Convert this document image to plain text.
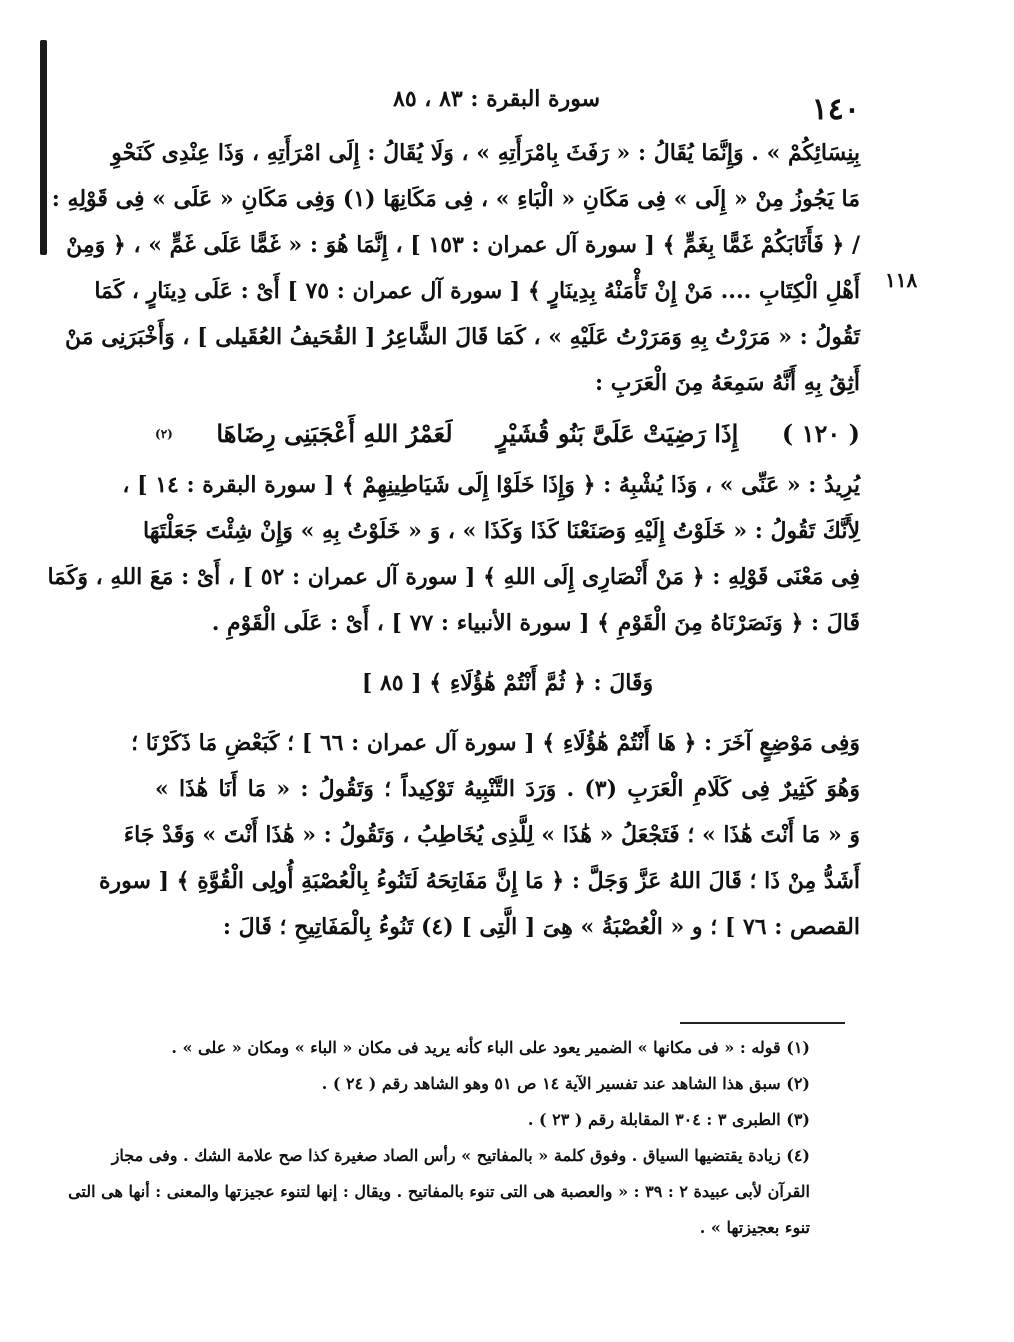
١٤٠
سورة البقرة : ٨٣ ، ٨٥
١١٨
بِنِسَائِكُمْ » . وَإِنَّمَا يُقَالُ : « رَفَثَ بِامْرَأَتِهِ » ، وَلَا يُقَالُ : إِلَى امْرَأَتِهِ ، وَذَا عِنْدِى كَنَحْوِ
مَا يَجُوزُ مِنْ « إِلَى » فِى مَكَانِ « الْبَاءِ » ، فِى مَكَانِهَا (١) وَفِى مَكَانِ « عَلَى » فِى قَوْلِهِ :
/ ﴿ فَأَثَابَكُمْ غَمًّا بِغَمٍّ ﴾ [ سورة آل عمران : ١٥٣ ] ، إِنَّمَا هُوَ : « غَمًّا عَلَى غَمٍّ » ، ﴿ وَمِنْ
أَهْلِ الْكِتَابِ .... مَنْ إِنْ تَأْمَنْهُ بِدِينَارٍ ﴾ [ سورة آل عمران : ٧٥ ] أَىْ : عَلَى دِينَارٍ ، كَمَا
تَقُولُ : « مَرَرْتُ بِهِ وَمَرَرْتُ عَلَيْهِ » ، كَمَا قَالَ الشَّاعِرُ [ القُحَيفُ العُقَيلى ] ، وَأَخْبَرَنِى مَنْ
أَثِقُ بِهِ أَنَّهُ سَمِعَهُ مِنَ الْعَرَبِ :
( ١٢٠ )
إِذَا رَضِيَتْ عَلَىَّ بَنُو قُشَيْرٍ
لَعَمْرُ اللهِ أَعْجَبَنِى رِضَاهَا
(٢)
يُرِيدُ : « عَنِّى » ، وَذَا يُشْبِهُ : ﴿ وَإِذَا خَلَوْا إِلَى شَيَاطِينِهِمْ ﴾ [ سورة البقرة : ١٤ ] ،
لِأَنَّكَ تَقُولُ : « خَلَوْتُ إِلَيْهِ وَصَنَعْنَا كَذَا وَكَذَا » ، وَ « خَلَوْتُ بِهِ » وَإِنْ شِئْتَ جَعَلْتَهَا
فِى مَعْنَى قَوْلِهِ : ﴿ مَنْ أَنْصَارِى إِلَى اللهِ ﴾ [ سورة آل عمران : ٥٢ ] ، أَىْ : مَعَ اللهِ ، وَكَمَا
قَالَ : ﴿ وَنَصَرْنَاهُ مِنَ الْقَوْمِ ﴾ [ سورة الأنبياء : ٧٧ ] ، أَىْ : عَلَى الْقَوْمِ .
وَقَالَ : ﴿ ثُمَّ أَنْتُمْ هَٰؤُلَاءِ ﴾ [ ٨٥ ]
وَفِى مَوْضِعٍ آخَرَ : ﴿ هَا أَنْتُمْ هَٰؤُلَاءِ ﴾ [ سورة آل عمران : ٦٦ ] ؛ كَبَعْضِ مَا ذَكَرْنَا ؛
وَهُوَ كَثِيرٌ فِى كَلَامِ الْعَرَبِ (٣) . وَرَدَ التَّنْبِيهُ تَوْكِيداً ؛ وَتَقُولُ : « مَا أَنَا هَٰذَا »
وَ « مَا أَنْتَ هَٰذَا » ؛ فَتَجْعَلُ « هَٰذَا » لِلَّذِى يُخَاطِبُ ، وَتَقُولُ : « هَٰذَا أَنْتَ » وَقَدْ جَاءَ
أَشَدُّ مِنْ ذَا ؛ قَالَ اللهُ عَزَّ وَجَلَّ : ﴿ مَا إِنَّ مَفَاتِحَهُ لَتَنُوءُ بِالْعُصْبَةِ أُولِى الْقُوَّةِ ﴾ [ سورة
القصص : ٧٦ ] ؛ و « الْعُصْبَةُ » هِىَ [ الَّتِى ] (٤) تَنُوءُ بِالْمَفَاتِيحِ ؛ قَالَ :
(١) قوله : « فى مكانها » الضمير يعود على الباء كأنه يريد فى مكان « الباء » ومكان « على » .
(٢) سبق هذا الشاهد عند تفسير الآية ١٤ ص ٥١ وهو الشاهد رقم ( ٢٤ ) .
(٣) الطبرى ٣ : ٣٠٤ المقابلة رقم ( ٢٣ ) .
(٤) زيادة يقتضيها السياق . وفوق كلمة « بالمفاتيح » رأس الصاد صغيرة كذا صح علامة الشك . وفى مجاز
القرآن لأبى عبيدة ٢ : ٣٩ : « والعصبة هى التى تنوء بالمفاتيح . ويقال : إنها لتنوء عجيزتها والمعنى : أنها هى التى
تنوء بعجيزتها » .
